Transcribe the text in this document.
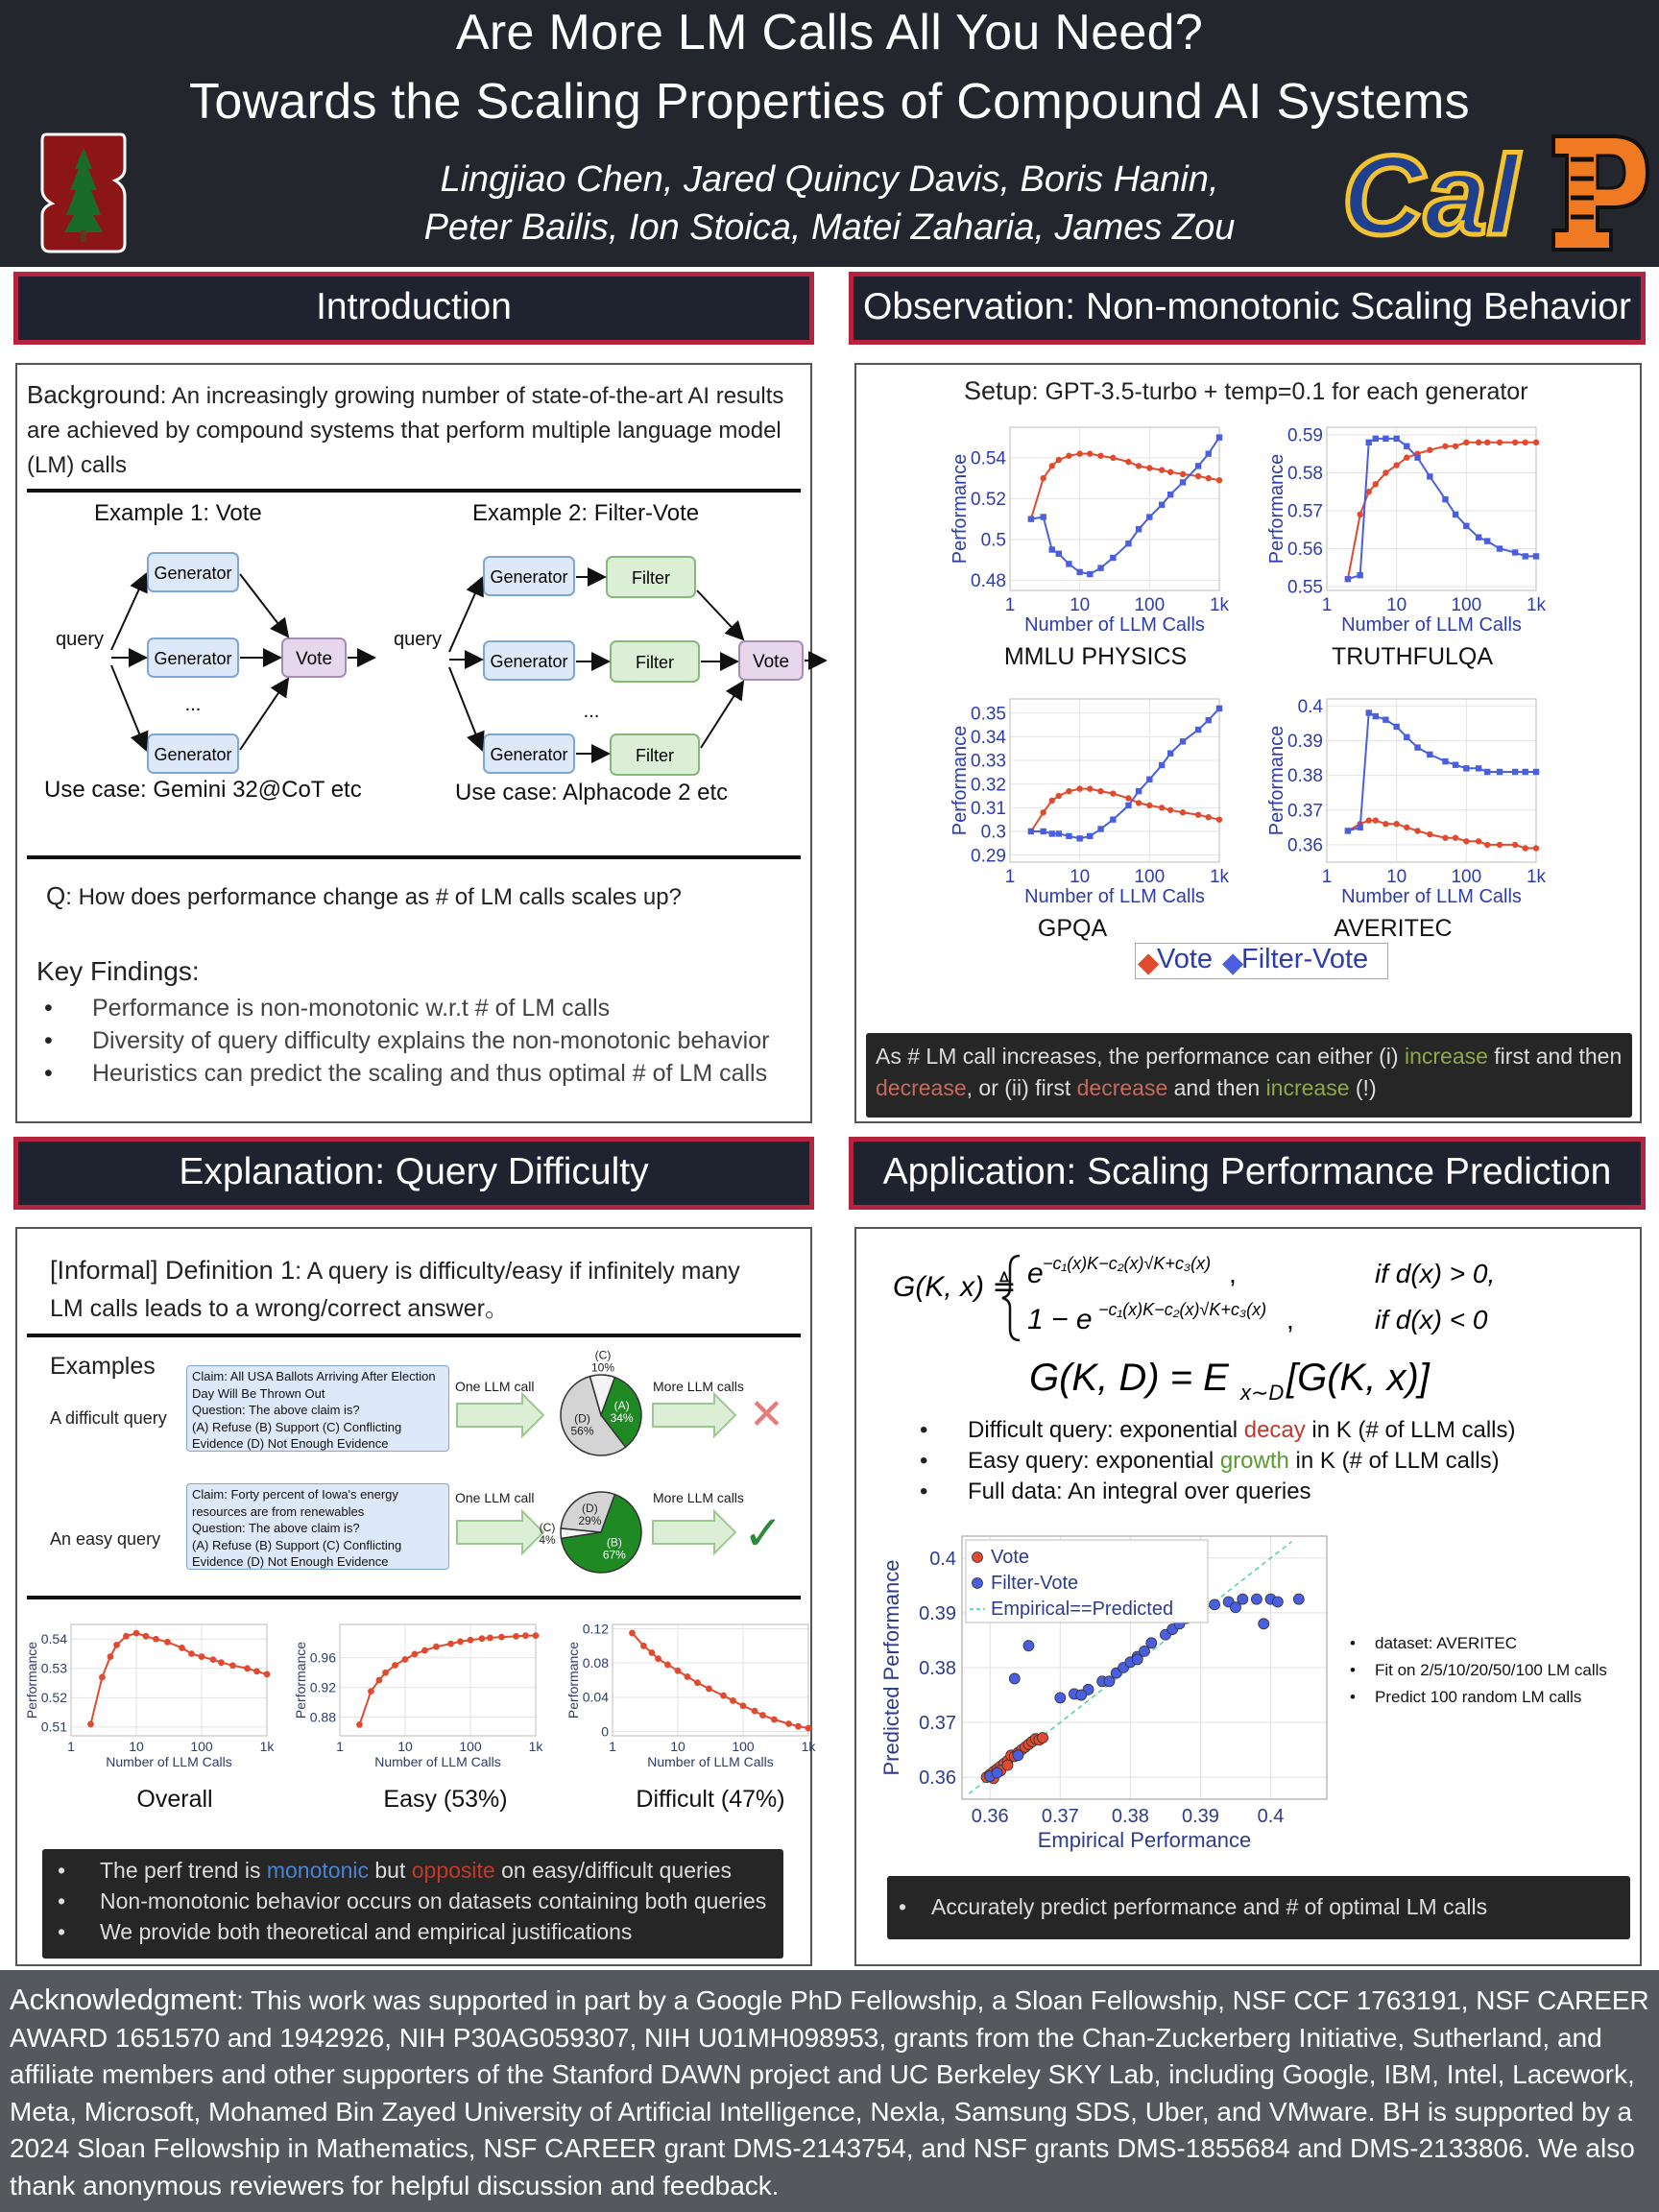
Are More LM Calls All You Need?
Towards the Scaling Properties of Compound AI Systems
Lingjiao Chen, Jared Quincy Davis, Boris Hanin,
Peter Bailis, Ion Stoica, Matei Zaharia, James Zou Cal
Introduction
Background: An increasingly growing number of state-of-the-art AI results are achieved by compound systems that perform multiple language model (LM) calls
Example 1: Vote	Example 2: Filter-Vote
query
Generator
Generator
Generator
Vote
...
query
Generator
Generator
Generator
Filter
Filter
Filter
Vote
...
Use case: Gemini 32@CoT etc	Use case: Alphacode 2 etc
Q: How does performance change as # of LM calls scales up?
Key Findings:
• Performance is non-monotonic w.r.t # of LM calls
• Diversity of query difficulty explains the non-monotonic behavior
• Heuristics can predict the scaling and thus optimal # of LM calls
Observation: Non-monotonic Scaling Behavior
Setup: GPT-3.5-turbo + temp=0.1 for each generator
0.48
0.5
0.52
0.54
1	10 100 1k
Number of LLM Calls
Performance
0.55
0.56
0.57
0.58
0.59
1	10 100 1k
Number of LLM Calls
Performance
MMLU PHYSICS	TRUTHFULQA
0.29
0.3
0.31
0.32
0.33
0.34
0.35
1	10 100 1k
Number of LLM Calls
Performance
0.36
0.37
0.38
0.39
0.4
1	10 100 1k
Number of LLM Calls
Performance
GPQA	AVERITEC
◆
Vote ◆
Filter-Vote
As # LM call increases, the performance can either (i) increase first and then decrease, or (ii) first decrease and then increase (!)
Explanation: Query Difficulty
[Informal] Definition 1: A query is difficulty/easy if infinitely many LM calls leads to a wrong/correct answer。
Examples
A difficult query
An easy query
Claim: All USA Ballots Arriving After Election Day Will Be Thrown Out
Question: The above claim is?
(A) Refuse (B) Support (C) Conflicting Evidence (D) Not Enough Evidence
Claim: Forty percent of Iowa's energy resources are from renewables
Question: The above claim is?
(A) Refuse (B) Support (C) Conflicting Evidence (D) Not Enough Evidence
One LLM call
One LLM call
More LLM calls
More LLM calls
(A)
34%
(D)
56%
(C)
10%
(B)
67%
(C)
4%
(D)
29%
✕
✓
0.51
0.52
0.53
0.54
1	10	100	1k
Number of LLM Calls
Performance	0.88
0.92
0.96
1	10	100	1k
Number of LLM Calls
Performance
0
0.04
0.08
0.12
1	10	100	1k
Number of LLM Calls
Performance
Overall	Easy (53%)	Difficult (47%)
• The perf trend is monotonic but opposite on easy/difficult queries
• Non-monotonic behavior occurs on datasets containing both queries
• We provide both theoretical and empirical justifications
Application: Scaling Performance Prediction
G(K, x) ≜ e −c₁(x)K−c₂(x)√K+c₃(x) ,	if d(x) > 0,
1 − e −c₁(x)K−c₂(x)√K+c₃(x) ,	if d(x) < 0
G(K, D) = E x∼D [G(K, x)]
• Difficult query: exponential decay in K (# of LLM calls)
• Easy query: exponential growth in K (# of LLM calls)
• Full data: An integral over queries
0.36
0.37
0.38
0.39
0.4
0.36 0.37 0.38 0.39 0.4
Empirical Performance
Predicted Performance
Vote
Filter-Vote
Empirical==Predicted
• dataset: AVERITEC
• Fit on 2/5/10/20/50/100 LM calls
• Predict 100 random LM calls
• Accurately predict performance and # of optimal LM calls
Acknowledgment: This work was supported in part by a Google PhD Fellowship, a Sloan Fellowship, NSF CCF 1763191, NSF CAREER AWARD 1651570 and 1942926, NIH P30AG059307, NIH U01MH098953, grants from the Chan-Zuckerberg Initiative, Sutherland, and affiliate members and other supporters of the Stanford DAWN project and UC Berkeley SKY Lab, including Google, IBM, Intel, Lacework, Meta, Microsoft, Mohamed Bin Zayed University of Artificial Intelligence, Nexla, Samsung SDS, Uber, and VMware. BH is supported by a 2024 Sloan Fellowship in Mathematics, NSF CAREER grant DMS-2143754, and NSF grants DMS-1855684 and DMS-2133806. We also thank anonymous reviewers for helpful discussion and feedback.
